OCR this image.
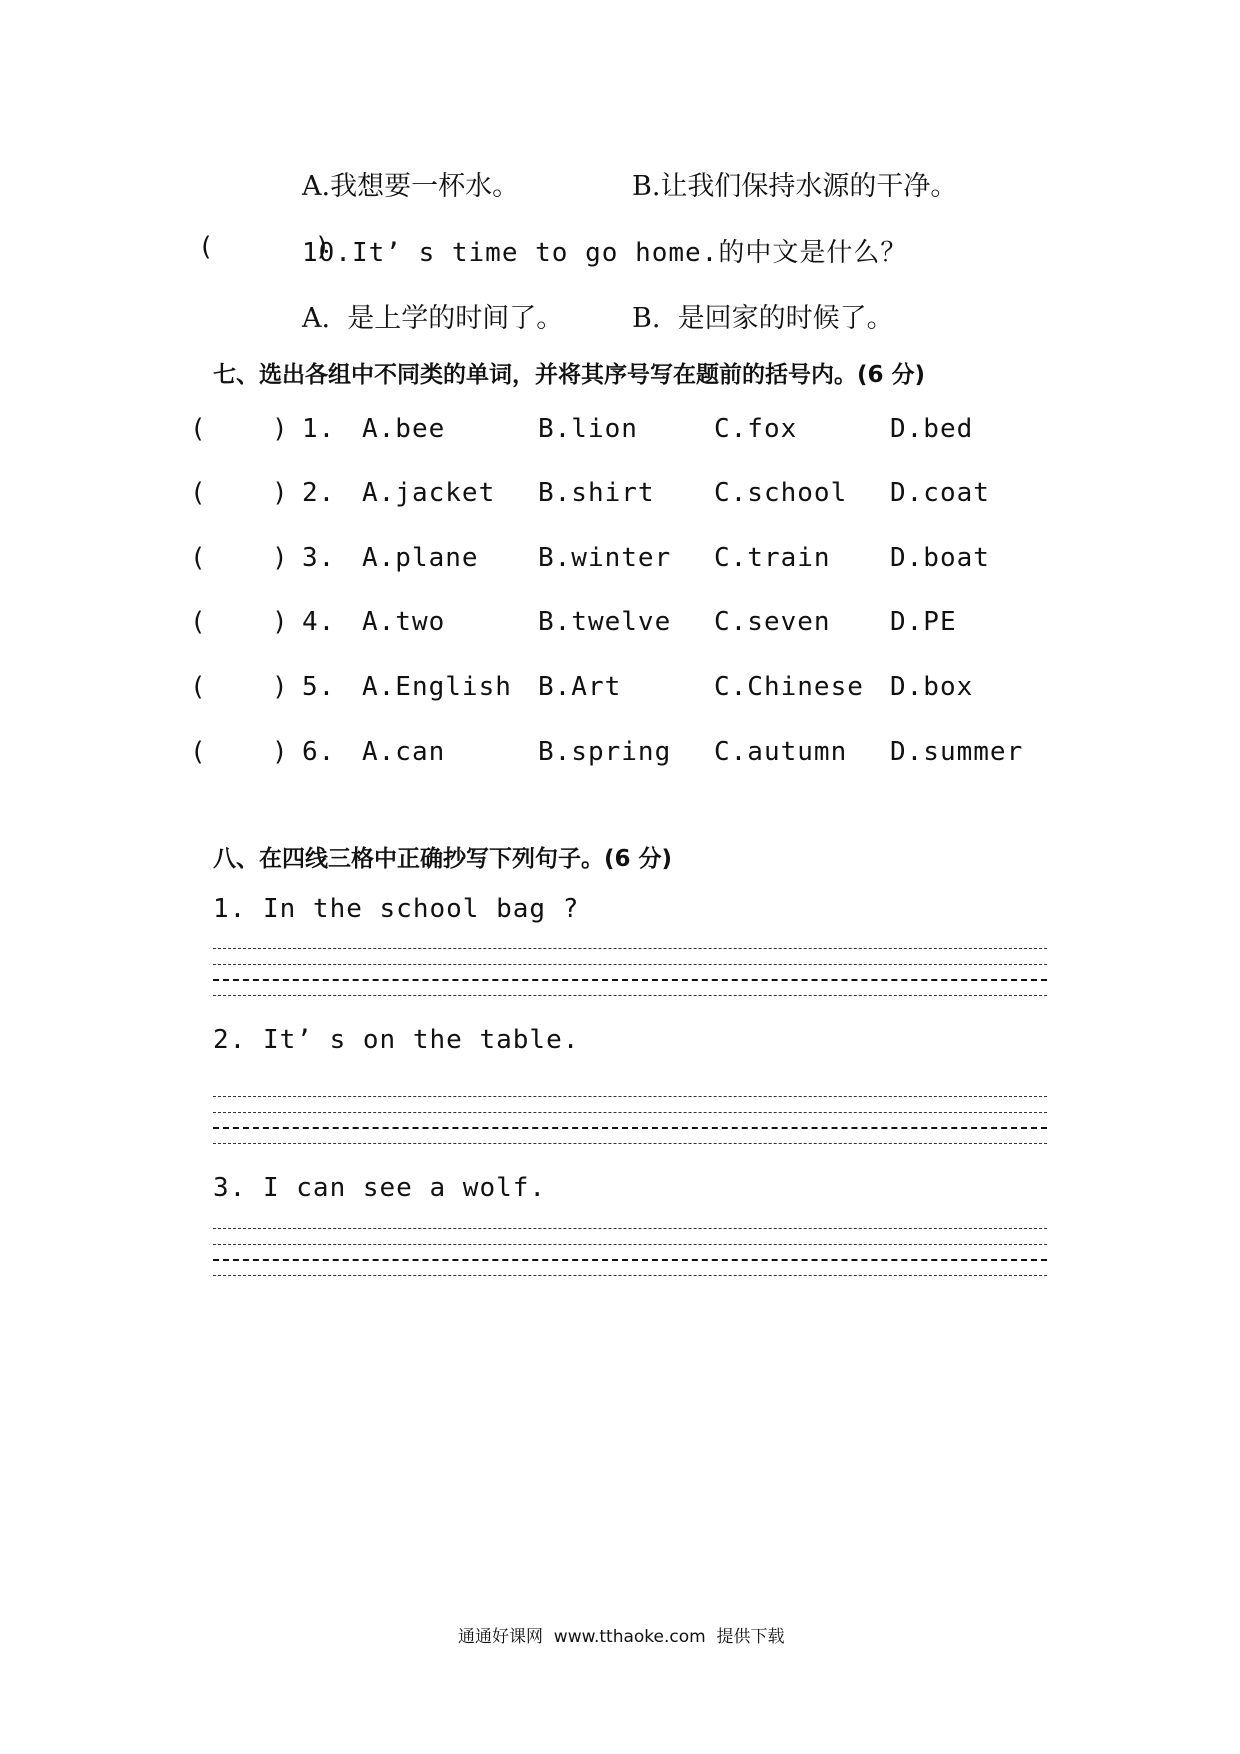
A.我想要一杯水。	B.让我们保持水源的干净。
(      )
10.It’ s time to go home.的中文是什么？
A.  是上学的时间了。	B.  是回家的时候了。
七、选出各组中不同类的单词，并将其序号写在题前的括号内。(6 分)
(	) 1. A.bee	B.lion	C.fox	D.bed
(	) 2. A.jacket B.shirt C.school D.coat
(	) 3. A.plane B.winter C.train D.boat
(	) 4. A.two	B.twelve C.seven D.PE
(	) 5. A.English B.Art	C.Chinese D.box
(	) 6. A.can	B.spring C.autumn D.summer
八、在四线三格中正确抄写下列句子。(6 分)
1. In the school bag ?
2. It’ s on the table.
3. I can see a wolf.
通通好课网  www.tthaoke.com  提供下载
